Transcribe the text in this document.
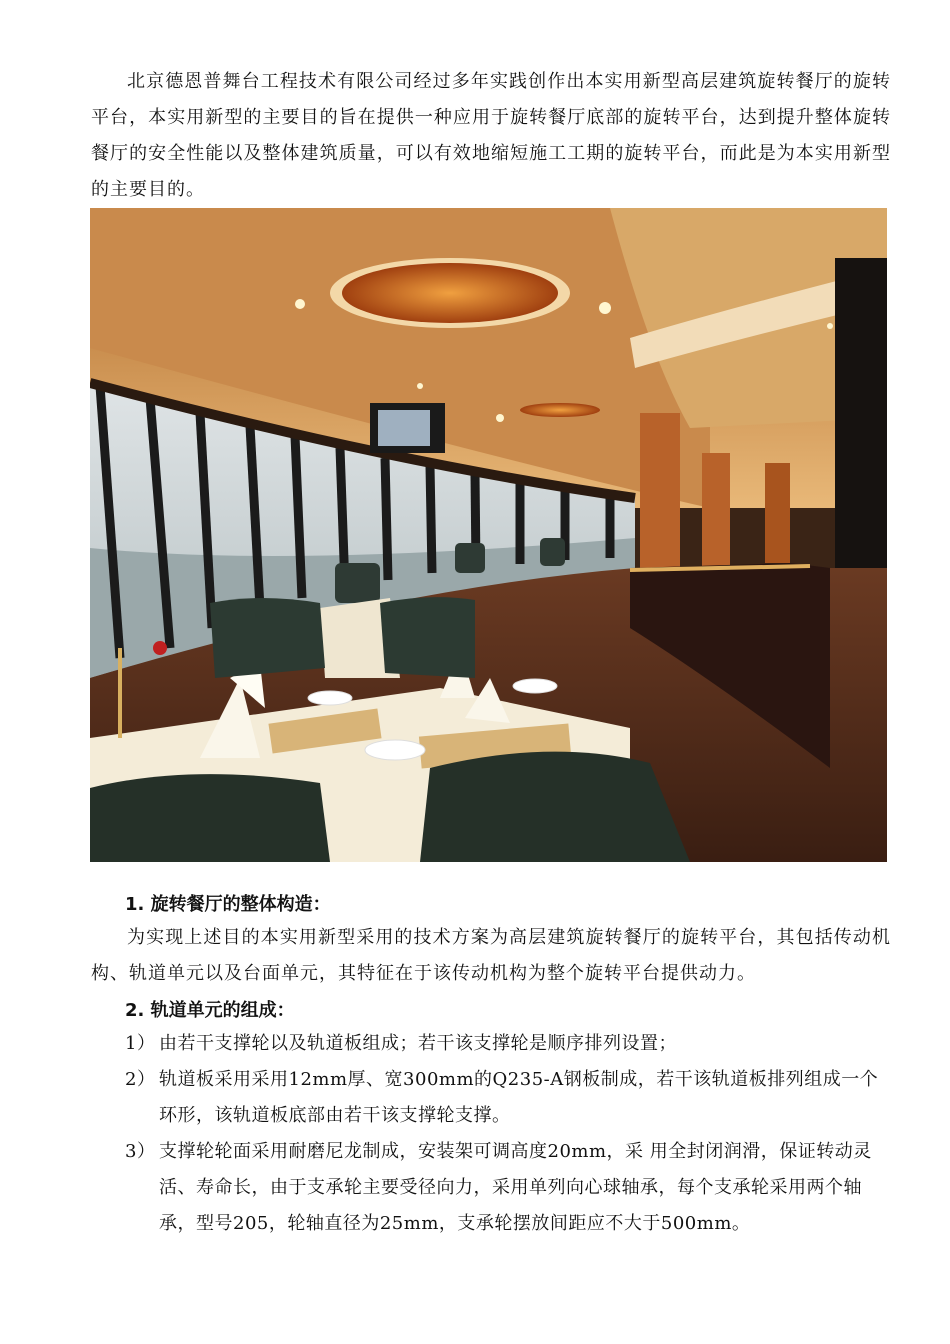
北京德恩普舞台工程技术有限公司经过多年实践创作出本实用新型高层建筑旋转餐厅的旋转平台，本实用新型的主要目的旨在提供一种应用于旋转餐厅底部的旋转平台，达到提升整体旋转餐厅的安全性能以及整体建筑质量，可以有效地缩短施工工期的旋转平台，而此是为本实用新型的主要目的。

1. 旋转餐厅的整体构造：

为实现上述目的本实用新型采用的技术方案为高层建筑旋转餐厅的旋转平台，其包括传动机构、轨道单元以及台面单元，其特征在于该传动机构为整个旋转平台提供动力。

2. 轨道单元的组成：

1） 由若干支撑轮以及轨道板组成；若干该支撑轮是顺序排列设置；
2） 轨道板采用采用12mm厚、宽300mm的Q235-A钢板制成，若干该轨道板排列组成一个环形，该轨道板底部由若干该支撑轮支撑。
3） 支撑轮轮面采用耐磨尼龙制成，安装架可调高度20mm，采 用全封闭润滑，保证转动灵活、寿命长，由于支承轮主要受径向力，采用单列向心球轴承，每个支承轮采用两个轴承，型号205，轮轴直径为25mm，支承轮摆放间距应不大于500mm。
